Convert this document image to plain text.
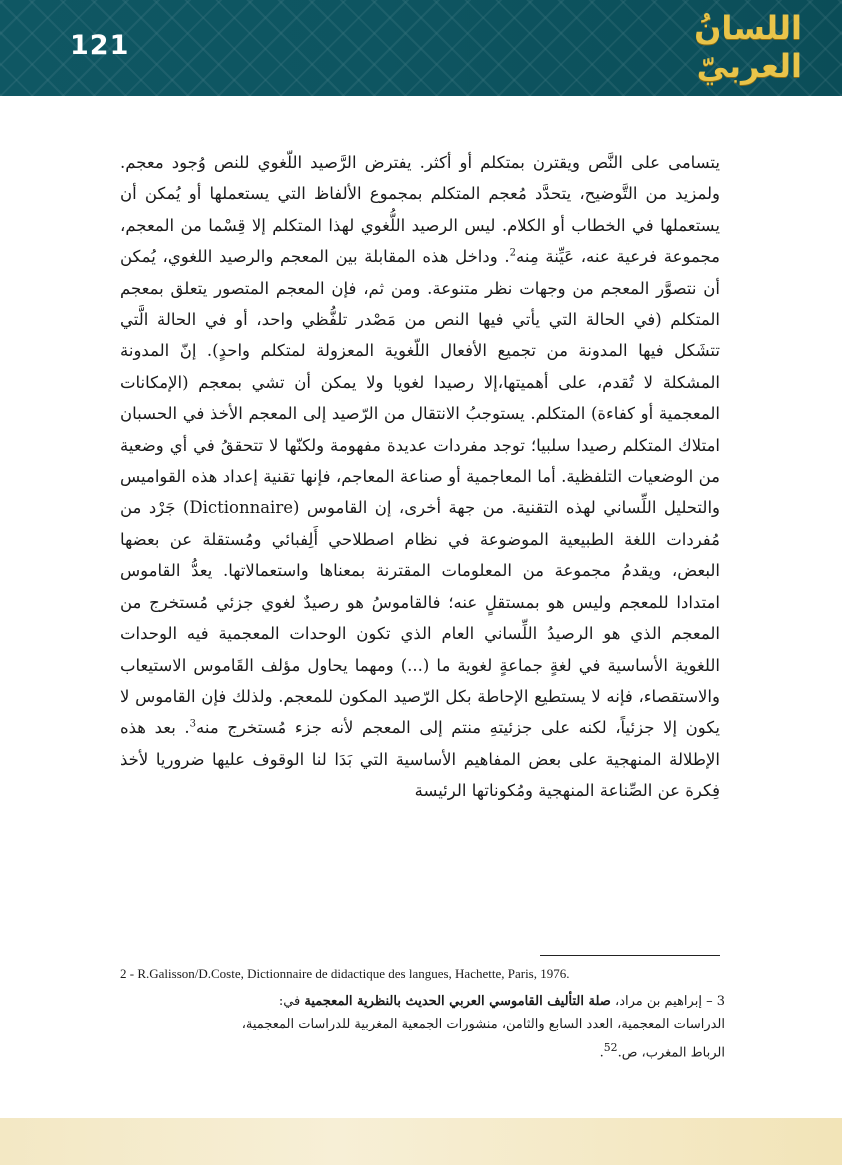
121	اللسانُ العربيّ

يتسامى على النَّص ويقترن بمتكلم أو أكثر. يفترض الرَّصيد اللّغوي للنص وُجود معجم. ولمزيد من التَّوضيح، يتحدَّد مُعجم المتكلم بمجموع الألفاظ التي يستعملها أو يُمكن أن يستعملها في الخطاب أو الكلام. ليس الرصيد اللُّغوي لهذا المتكلم إلا قِسْما من المعجم، مجموعة فرعية عنه، عَيِّنة مِنه$^2$. وداخل هذه المقابلة بين المعجم والرصيد اللغوي، يُمكن أن نتصوَّر المعجم من وجهات نظر متنوعة. ومن ثم، فإن المعجم المتصور يتعلق بمعجم المتكلم (في الحالة التي يأتي فيها النص من مَصْدر تلفُّظي واحد، أو في الحالة الَّتي تتشَكل فيها المدونة من تجميع الأفعال اللّغوية المعزولة لمتكلم واحدٍ). إنّ المدونة المشكلة لا تُقدم، على أهميتها،إلا رصيدا لغويا ولا يمكن أن تشي بمعجم (الإمكانات المعجمية أو كفاءة) المتكلم. يستوجبُ الانتقال من الرّصيد إلى المعجم الأخذ في الحسبان امتلاك المتكلم رصيدا سلبيا؛ توجد مفردات عديدة مفهومة ولكنّها لا تتحققُ في أي وضعية من الوضعيات التلفظية. أما المعاجمية أو صناعة المعاجم، فإنها تقنية إعداد هذه القواميس والتحليل اللِّساني لهذه التقنية. من جهة أخرى، إن القاموس (Dictionnaire) جَرْد من مُفردات اللغة الطبيعية الموضوعة في نظام اصطلاحي أَلِفبائي ومُستقلة عن بعضها البعض، ويقدمُ مجموعة من المعلومات المقترنة بمعناها واستعمالاتها. يعدُّ القاموس امتدادا للمعجم وليس هو بمستقلٍ عنه؛ فالقاموسُ هو رصيدٌ لغوي جزئي مُستخرج من المعجم الذي هو الرصيدُ اللِّساني العام الذي تكون الوحدات المعجمية فيه الوحدات اللغوية الأساسية في لغةٍ جماعةٍ لغوية ما (...) ومهما يحاول مؤلف القَاموس الاستيعاب والاستقصاء، فإنه لا يستطيع الإحاطة بكل الرّصيد المكون للمعجم. ولذلك فإن القاموس لا يكون إلا جزئياً، لكنه على جزئيتهِ منتم إلى المعجم لأنه جزء مُستخرج منه$^3$. بعد هذه الإطلالة المنهجية على بعض المفاهيم الأساسية التي بَدَا لنا الوقوف عليها ضروريا لأخذ فِكرة عن الصِّناعة المنهجية ومُكوناتها الرئيسة

2 - R.Galisson/D.Coste, Dictionnaire de didactique des langues, Hachette, Paris, 1976.
3 – إبراهيم بن مراد، صلة التأليف القاموسي العربي الحديث بالنظرية المعجمية في: الدراسات المعجمية، العدد السابع والثامن، منشورات الجمعية المغربية للدراسات المعجمية، الرباط المغرب، ص.$^{52}$.
